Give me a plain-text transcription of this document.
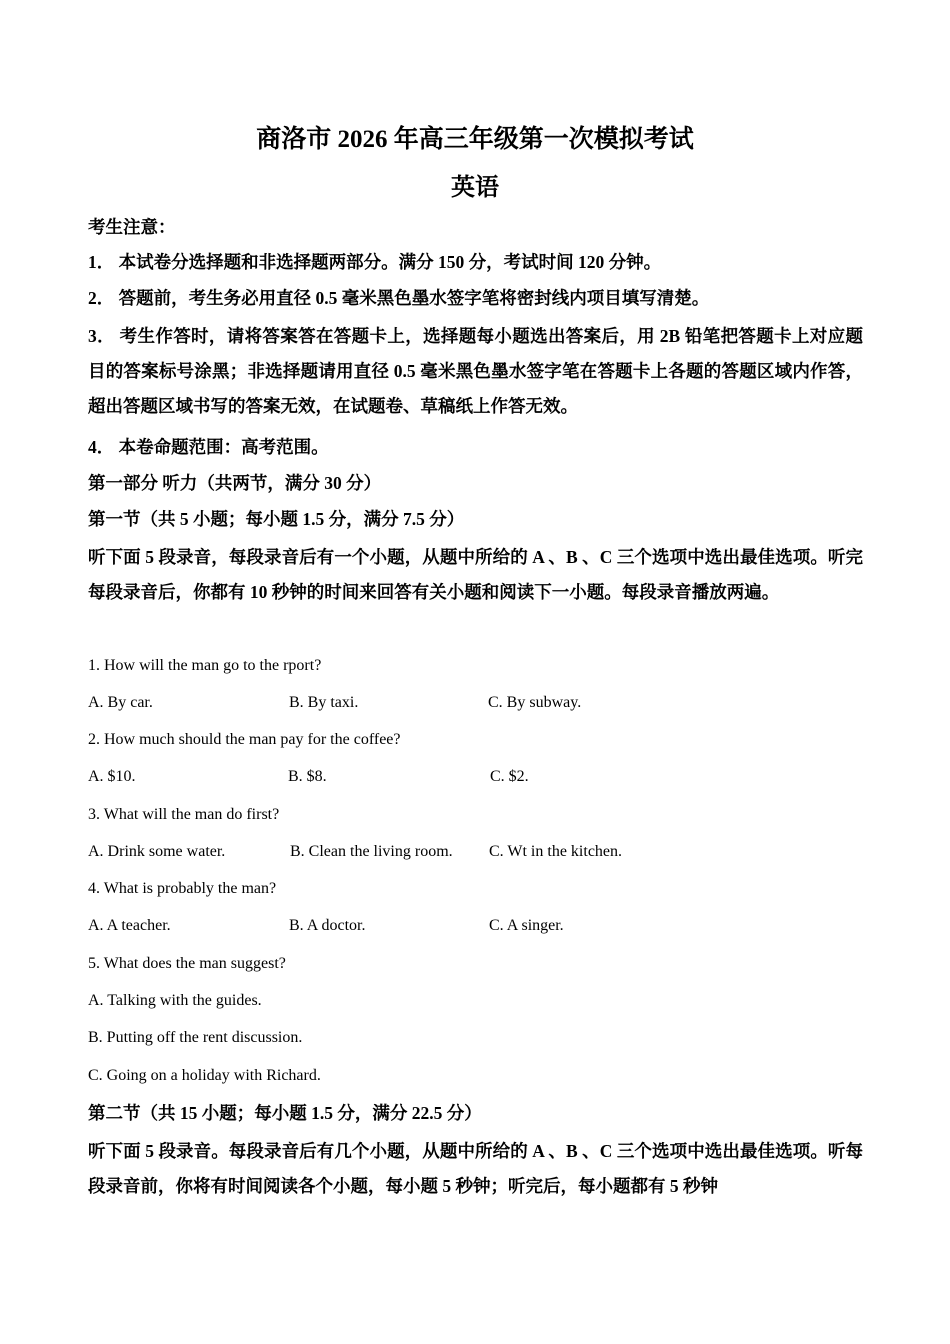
商洛市 2026 年高三年级第一次模拟考试
英语
考生注意：
1． 本试卷分选择题和非选择题两部分。满分 150 分，考试时间 120 分钟。
2． 答题前，考生务必用直径 0.5 毫米黑色墨水签字笔将密封线内项目填写清楚。
3． 考生作答时，请将答案答在答题卡上，选择题每小题选出答案后，用 2B 铅笔把答题卡上对应题目的答案标号涂黑；非选择题请用直径 0.5 毫米黑色墨水签字笔在答题卡上各题的答题区域内作答，超出答题区域书写的答案无效，在试题卷、草稿纸上作答无效。
4． 本卷命题范围：高考范围。
第一部分 听力（共两节，满分 30 分）
第一节（共 5 小题；每小题 1.5 分，满分 7.5 分）
听下面 5 段录音，每段录音后有一个小题，从题中所给的 A 、B 、C 三个选项中选出最佳选项。听完每段录音后，你都有 10 秒钟的时间来回答有关小题和阅读下一小题。每段录音播放两遍。
1. How will the man go to the rport?
A. By car.	B. By taxi.	C. By subway.
2. How much should the man pay for the coffee?
A. $10.	B. $8.	C. $2.
3. What will the man do first?
A. Drink some water.	B. Clean the living room. C. Wt in the kitchen.
4. What is probably the man?
A. A teacher.	B. A doctor.	C. A singer.
5. What does the man suggest?
A. Talking with the guides.
B. Putting off the rent discussion.
C. Going on a holiday with Richard.
第二节（共 15 小题；每小题 1.5 分，满分 22.5 分）
听下面 5 段录音。每段录音后有几个小题，从题中所给的 A 、B 、C 三个选项中选出最佳选项。听每段录音前，你将有时间阅读各个小题，每小题 5 秒钟；听完后，每小题都有 5 秒钟
